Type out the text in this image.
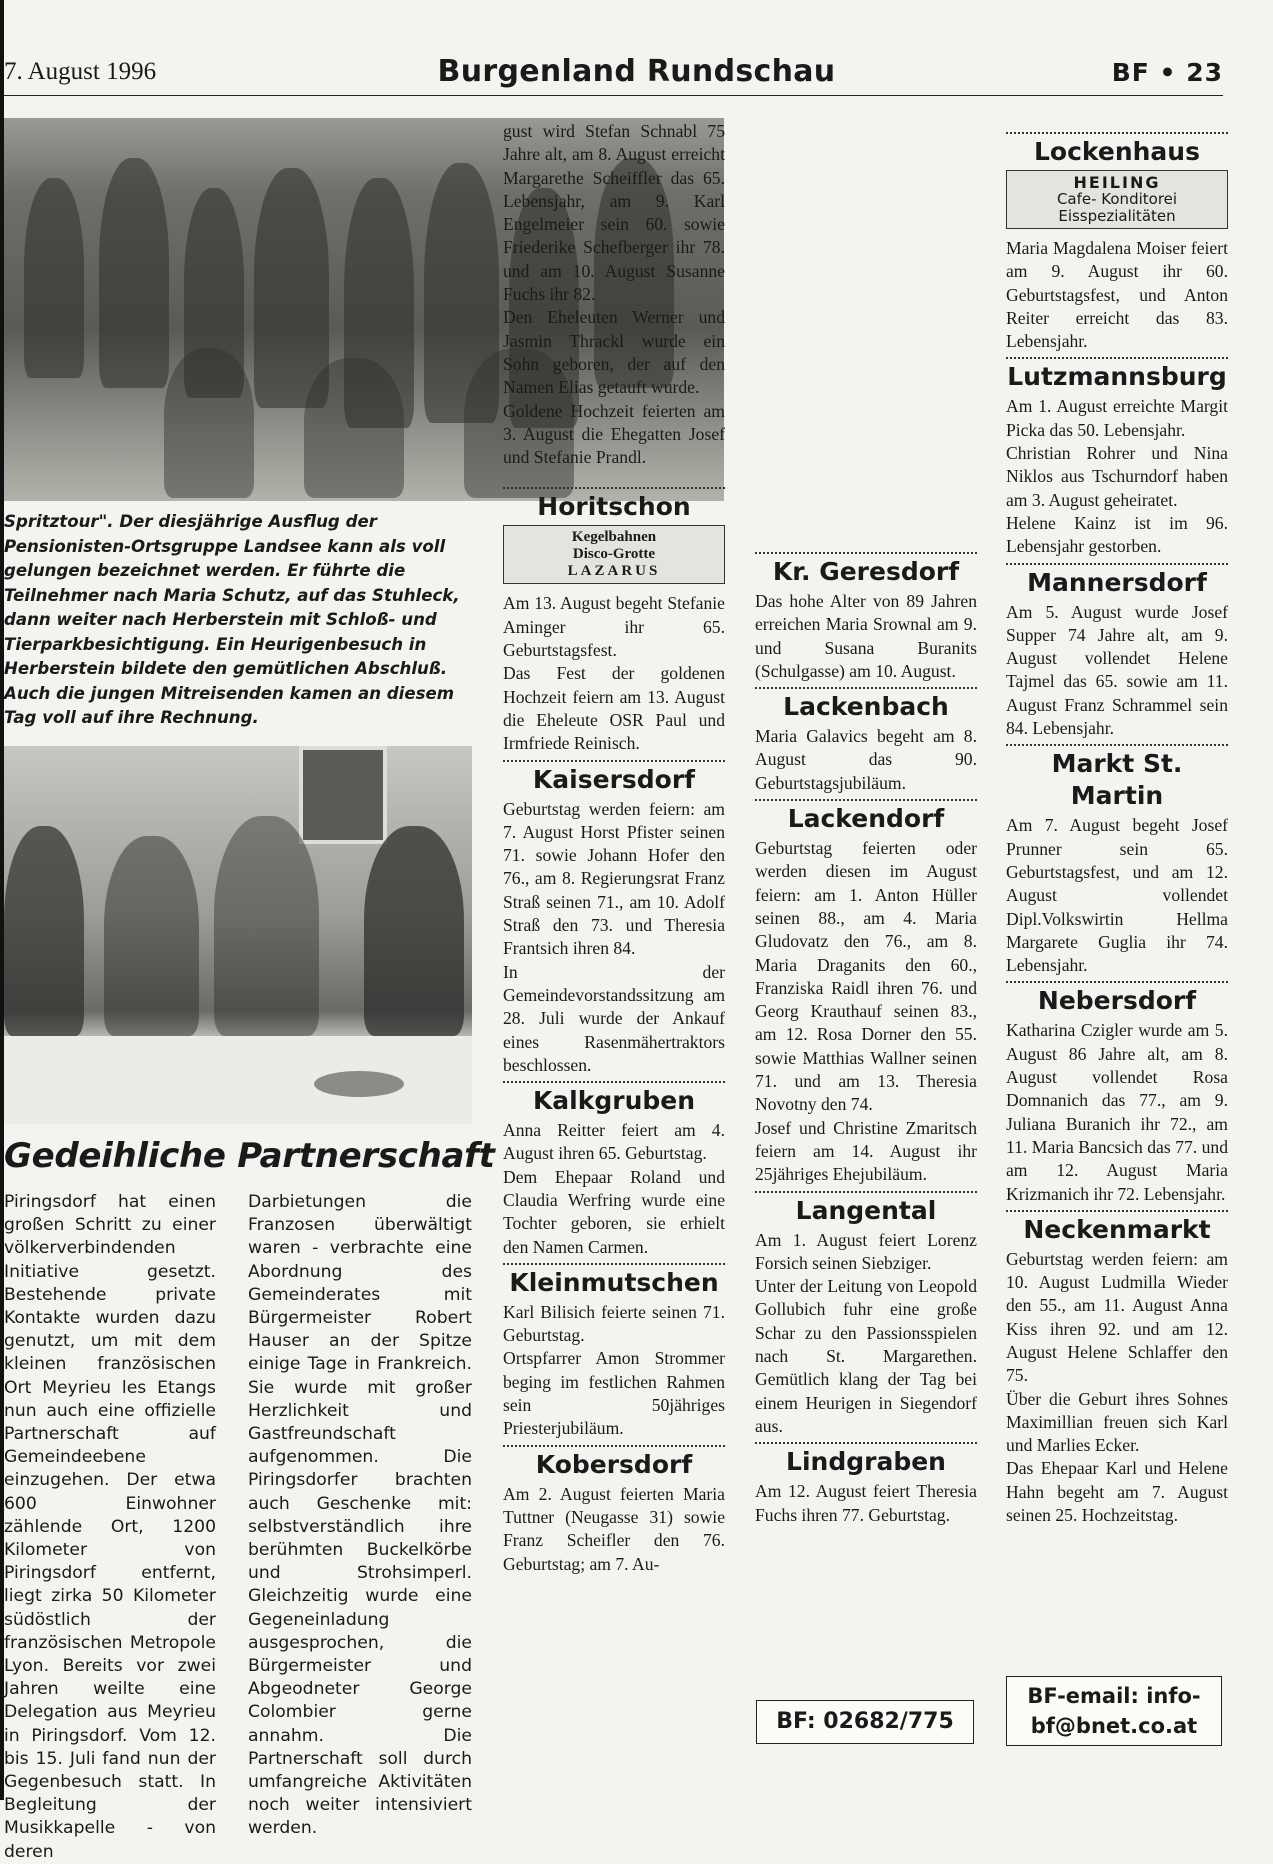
7. August 1996	Burgenland Rundschau	BF • 23
Spritztour". Der diesjährige Ausflug der Pensionisten-Ortsgruppe Landsee kann als voll gelungen bezeichnet werden. Er führte die Teilnehmer nach Maria Schutz, auf das Stuhleck, dann weiter nach Herberstein mit Schloß- und Tierparkbesichtigung. Ein Heurigenbesuch in Herberstein bildete den gemütlichen Abschluß. Auch die jungen Mitreisenden kamen an diesem Tag voll auf ihre Rechnung.
Gedeihliche Partnerschaft
Piringsdorf hat einen großen Schritt zu einer völkerverbindenden Initiative gesetzt. Bestehende private Kontakte wurden dazu genutzt, um mit dem kleinen französischen Ort Meyrieu les Etangs nun auch eine offizielle Partnerschaft auf Gemeindeebene einzugehen. Der etwa 600 Einwohner zählende Ort, 1200 Kilometer von Piringsdorf entfernt, liegt zirka 50 Kilometer südöstlich der französischen Metropole Lyon. Bereits vor zwei Jahren weilte eine Delegation aus Meyrieu in Piringsdorf. Vom 12. bis 15. Juli fand nun der Gegenbesuch statt. In Begleitung der Musikkapelle - von deren
Darbietungen die Franzosen überwältigt waren - verbrachte eine Abordnung des Gemeinderates mit Bürgermeister Robert Hauser an der Spitze einige Tage in Frankreich. Sie wurde mit großer Herzlichkeit und Gastfreundschaft aufgenommen. Die Piringsdorfer brachten auch Geschenke mit: selbstverständlich ihre berühmten Buckelkörbe und Strohsimperl. Gleichzeitig wurde eine Gegeneinladung ausgesprochen, die Bürgermeister und Abgeodneter George Colombier gerne annahm. Die Partnerschaft soll durch umfangreiche Aktivitäten noch weiter intensiviert werden.

gust wird Stefan Schnabl 75 Jahre alt, am 8. August erreicht Margarethe Scheiffler das 65. Lebensjahr, am 9. Karl Engelmeier sein 60. sowie Friederike Schefberger ihr 78. und am 10. August Susanne Fuchs ihr 82.

Den Eheleuten Werner und Jasmin Thrackl wurde ein Sohn geboren, der auf den Namen Elias getauft wurde.

Goldene Hochzeit feierten am 3. August die Ehegatten Josef und Stefanie Prandl.

Horitschon
Kegelbahnen
Disco-Grotte
LAZARUS

Am 13. August begeht Stefanie Aminger ihr 65. Geburtstagsfest.

Das Fest der goldenen Hochzeit feiern am 13. August die Eheleute OSR Paul und Irmfriede Reinisch.

Kaisersdorf

Geburtstag werden feiern: am 7. August Horst Pfister seinen 71. sowie Johann Hofer den 76., am 8. Regierungsrat Franz Straß seinen 71., am 10. Adolf Straß den 73. und Theresia Frantsich ihren 84.

In der Gemeindevorstandssitzung am 28. Juli wurde der Ankauf eines Rasenmähertraktors beschlossen.

Kalkgruben

Anna Reitter feiert am 4. August ihren 65. Geburtstag.

Dem Ehepaar Roland und Claudia Werfring wurde eine Tochter geboren, sie erhielt den Namen Carmen.

Kleinmutschen

Karl Bilisich feierte seinen 71. Geburtstag.

Ortspfarrer Amon Strommer beging im festlichen Rahmen sein 50jähriges Priesterjubiläum.

Kobersdorf

Am 2. August feierten Maria Tuttner (Neugasse 31) sowie Franz Scheifler den 76. Geburtstag; am 7. Au-

Kr. Geresdorf

Das hohe Alter von 89 Jahren erreichen Maria Srownal am 9. und Susana Buranits (Schulgasse) am 10. August.

Lackenbach

Maria Galavics begeht am 8. August das 90. Geburtstagsjubiläum.

Lackendorf

Geburtstag feierten oder werden diesen im August feiern: am 1. Anton Hüller seinen 88., am 4. Maria Gludovatz den 76., am 8. Maria Draganits den 60., Franziska Raidl ihren 76. und Georg Krauthauf seinen 83., am 12. Rosa Dorner den 55. sowie Matthias Wallner seinen 71. und am 13. Theresia Novotny den 74.

Josef und Christine Zmaritsch feiern am 14. August ihr 25jähriges Ehejubiläum.

Langental

Am 1. August feiert Lorenz Forsich seinen Siebziger.

Unter der Leitung von Leopold Gollubich fuhr eine große Schar zu den Passionsspielen nach St. Margarethen. Gemütlich klang der Tag bei einem Heurigen in Siegendorf aus.

Lindgraben

Am 12. August feiert Theresia Fuchs ihren 77. Geburtstag.

BF: 02682/775
Lockenhaus
HEILING
Cafe- Konditorei
Eisspezialitäten

Maria Magdalena Moiser feiert am 9. August ihr 60. Geburtstagsfest, und Anton Reiter erreicht das 83. Lebensjahr.

Lutzmannsburg

Am 1. August erreichte Margit Picka das 50. Lebensjahr.

Christian Rohrer und Nina Niklos aus Tschurndorf haben am 3. August geheiratet.

Helene Kainz ist im 96. Lebensjahr gestorben.

Mannersdorf

Am 5. August wurde Josef Supper 74 Jahre alt, am 9. August vollendet Helene Tajmel das 65. sowie am 11. August Franz Schrammel sein 84. Lebensjahr.

Markt St. Martin

Am 7. August begeht Josef Prunner sein 65. Geburtstagsfest, und am 12. August vollendet Dipl.Volkswirtin Hellma Margarete Guglia ihr 74. Lebensjahr.

Nebersdorf

Katharina Czigler wurde am 5. August 86 Jahre alt, am 8. August vollendet Rosa Domnanich das 77., am 9. Juliana Buranich ihr 72., am 11. Maria Bancsich das 77. und am 12. August Maria Krizmanich ihr 72. Lebensjahr.

Neckenmarkt

Geburtstag werden feiern: am 10. August Ludmilla Wieder den 55., am 11. August Anna Kiss ihren 92. und am 12. August Helene Schlaffer den 75.

Über die Geburt ihres Sohnes Maximillian freuen sich Karl und Marlies Ecker.

Das Ehepaar Karl und Helene Hahn begeht am 7. August seinen 25. Hochzeitstag.

BF-email: info-
bf@bnet.co.at
